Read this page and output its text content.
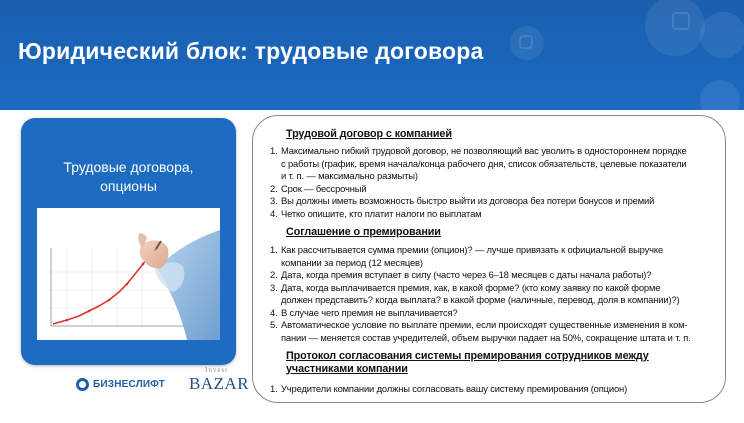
Юридический блок: трудовые договора
Трудовые договора,
опционы
Трудовой договор с компанией
1. Максимально гибкий трудовой договор, не позволяющий вас уволить в одностороннем порядке
с работы (график, время начала/конца рабочего дня, список обязательств, целевые показатели
и т. п. — максимально размыты)
2. Срок — бессрочный
3. Вы должны иметь возможность быстро выйти из договора без потери бонусов и премий
4. Четко опишите, кто платит налоги по выплатам
Соглашение о премировании
1. Как рассчитывается сумма премии (опцион)? — лучше привязать к официальной выручке
компании за период (12 месяцев)
2. Дата, когда премия вступает в силу (часто через 6–18 месяцев с даты начала работы)?
3. Дата, когда выплачивается премия, как, в какой форме? (кто кому заявку по какой форме
должен представить? когда выплата? в какой форме (наличные, перевод, доля в компании)?)
4. В случае чего премия не выплачивается?
5. Автоматическое условие по выплате премии, если происходят существенные изменения в ком-
пании — меняется состав учредителей, объем выручки падает на 50%, сокращение штата и т. п.
Протокол согласования системы премирования сотрудников между
участниками компании
1. Учредители компании должны согласовать вашу систему премирования (опцион)
БИЗНЕСЛИФТ
Invest
BAZAR
